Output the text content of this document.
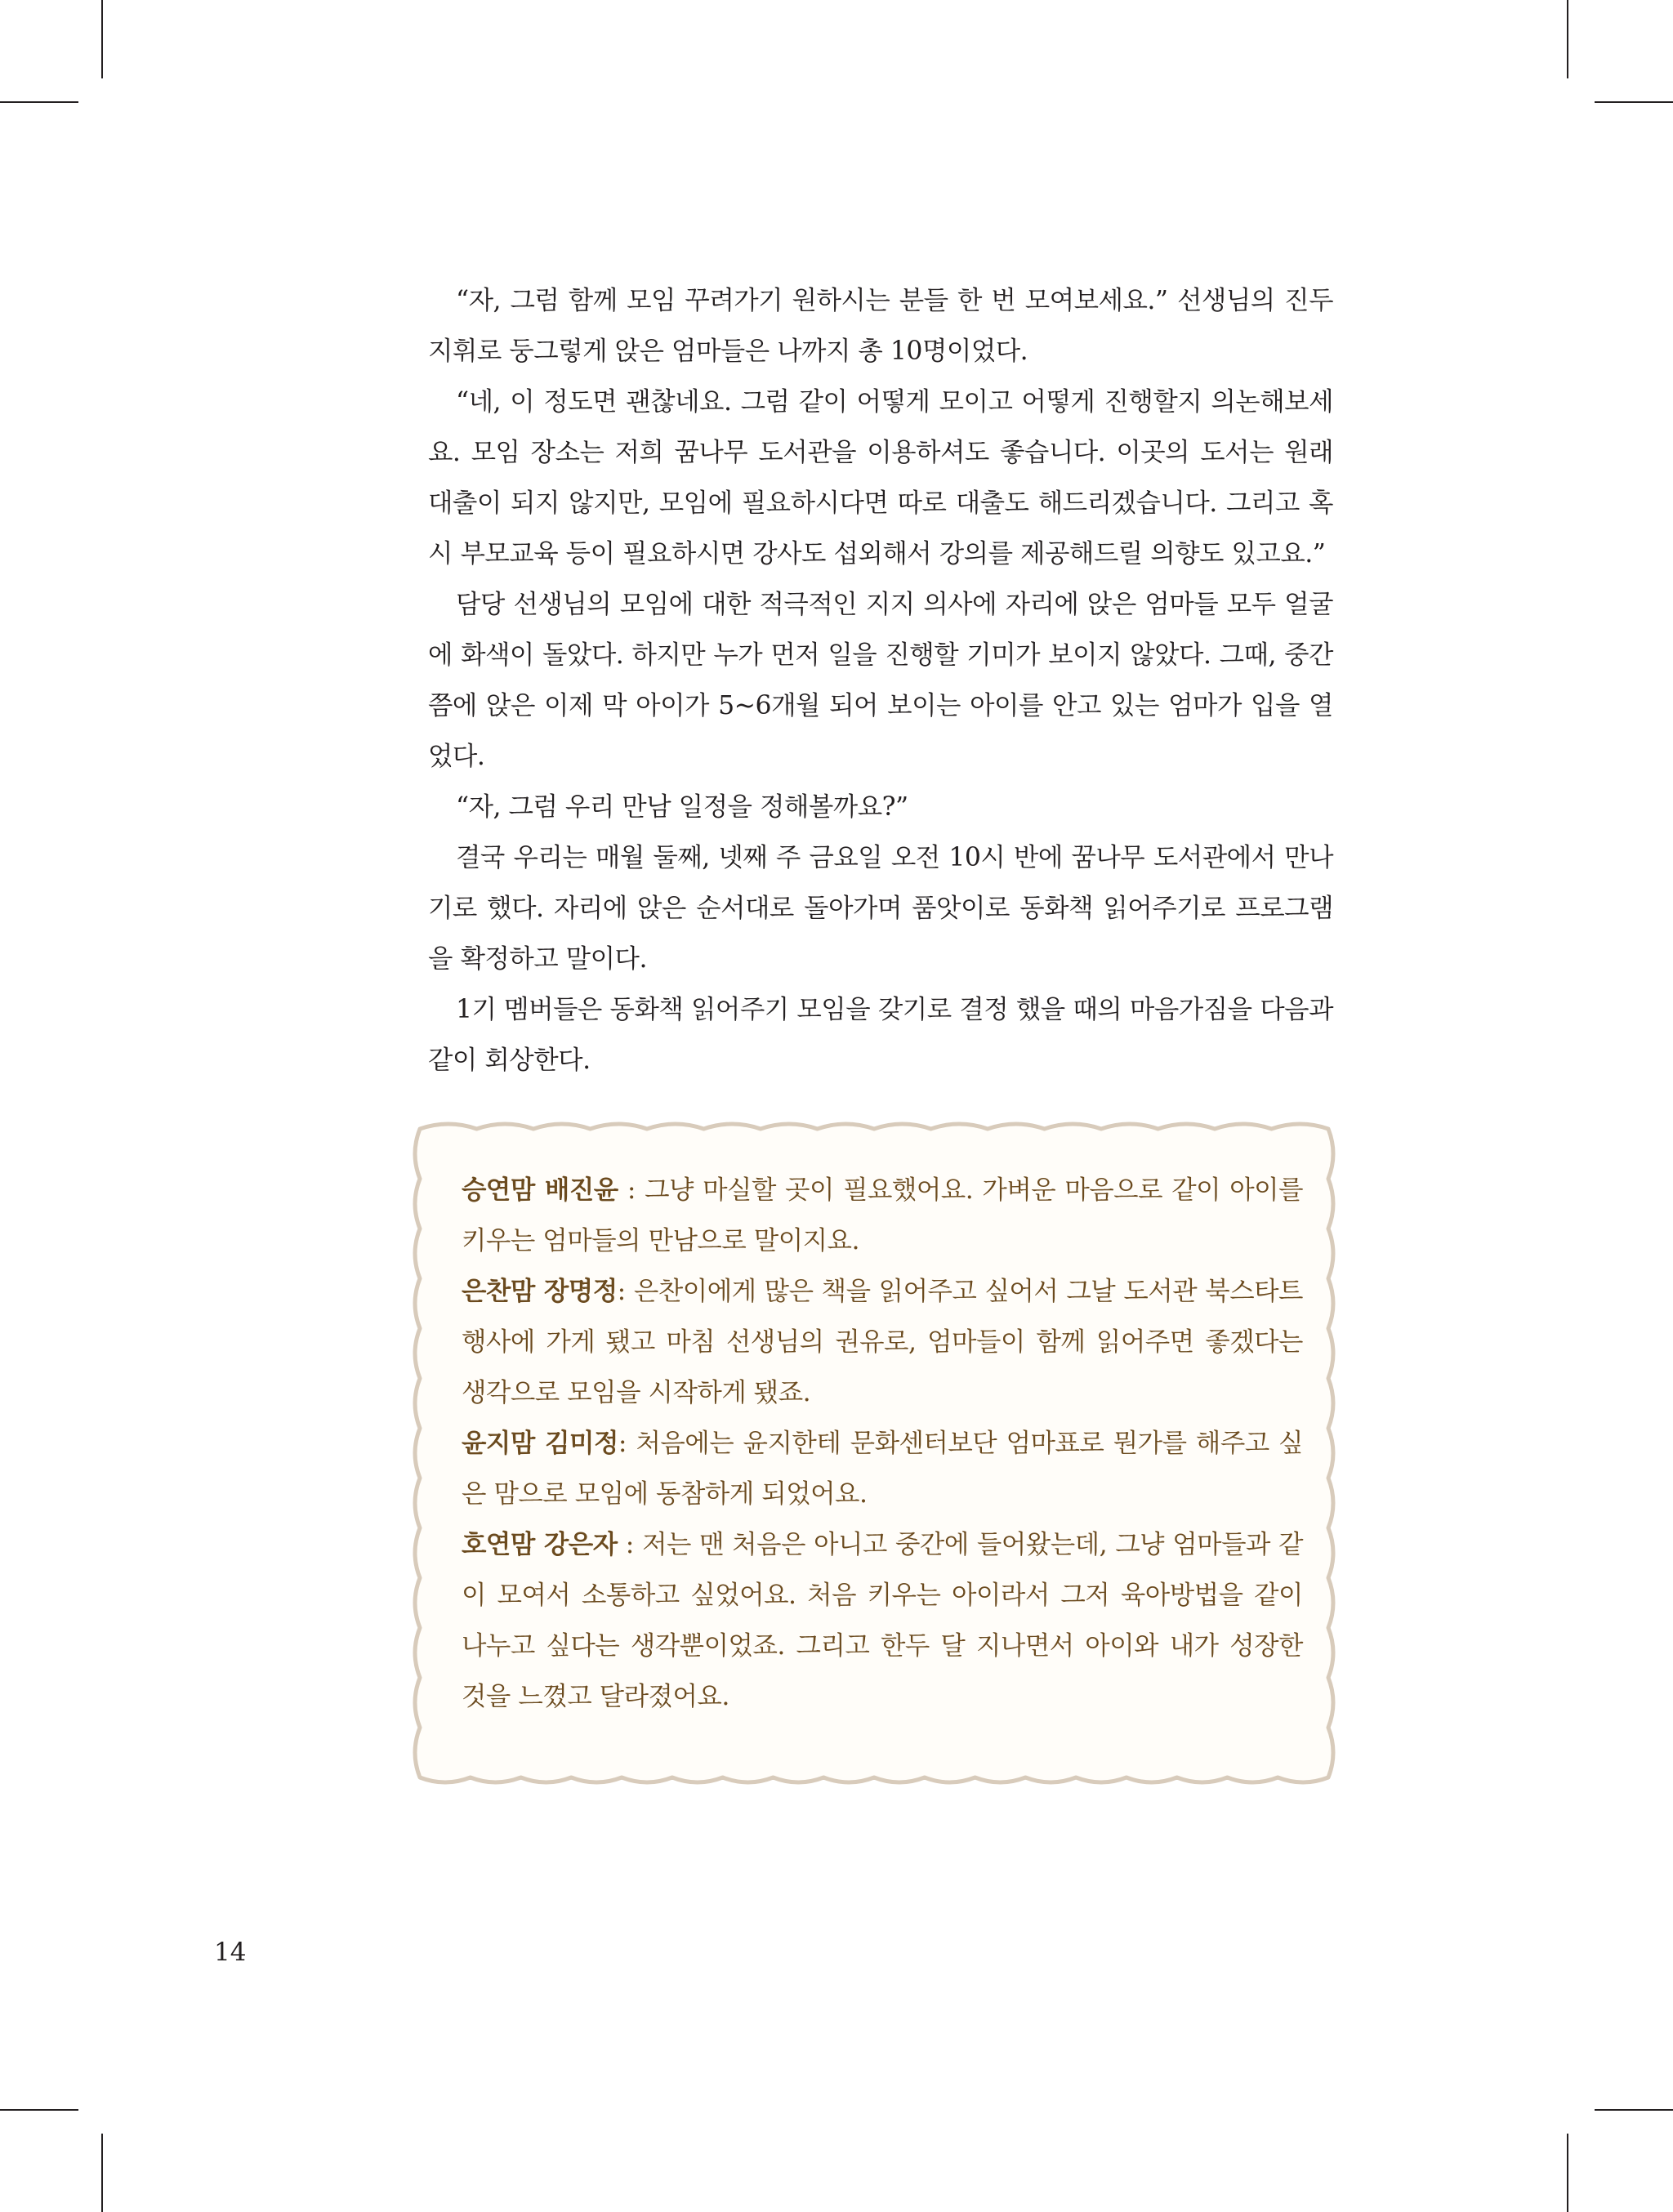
“자, 그럼 함께 모임 꾸려가기 원하시는 분들 한 번 모여보세요.” 선생님의 진두지휘로 둥그렇게 앉은 엄마들은 나까지 총 10명이었다.

“네, 이 정도면 괜찮네요. 그럼 같이 어떻게 모이고 어떻게 진행할지 의논해보세요. 모임 장소는 저희 꿈나무 도서관을 이용하셔도 좋습니다. 이곳의 도서는 원래 대출이 되지 않지만, 모임에 필요하시다면 따로 대출도 해드리겠습니다. 그리고 혹시 부모교육 등이 필요하시면 강사도 섭외해서 강의를 제공해드릴 의향도 있고요.”

담당 선생님의 모임에 대한 적극적인 지지 의사에 자리에 앉은 엄마들 모두 얼굴에 화색이 돌았다. 하지만 누가 먼저 일을 진행할 기미가 보이지 않았다. 그때, 중간쯤에 앉은 이제 막 아이가 5~6개월 되어 보이는 아이를 안고 있는 엄마가 입을 열었다.

“자, 그럼 우리 만남 일정을 정해볼까요?”

결국 우리는 매월 둘째, 넷째 주 금요일 오전 10시 반에 꿈나무 도서관에서 만나기로 했다. 자리에 앉은 순서대로 돌아가며 품앗이로 동화책 읽어주기로 프로그램을 확정하고 말이다.

1기 멤버들은 동화책 읽어주기 모임을 갖기로 결정 했을 때의 마음가짐을 다음과 같이 회상한다.

승연맘 배진윤 : 그냥 마실할 곳이 필요했어요. 가벼운 마음으로 같이 아이를 키우는 엄마들의 만남으로 말이지요.

은찬맘 장명정: 은찬이에게 많은 책을 읽어주고 싶어서 그날 도서관 북스타트 행사에 가게 됐고 마침 선생님의 권유로, 엄마들이 함께 읽어주면 좋겠다는 생각으로 모임을 시작하게 됐죠.

윤지맘 김미정: 처음에는 윤지한테 문화센터보단 엄마표로 뭔가를 해주고 싶은 맘으로 모임에 동참하게 되었어요.

호연맘 강은자 : 저는 맨 처음은 아니고 중간에 들어왔는데, 그냥 엄마들과 같이 모여서 소통하고 싶었어요. 처음 키우는 아이라서 그저 육아방법을 같이 나누고 싶다는 생각뿐이었죠. 그리고 한두 달 지나면서 아이와 내가 성장한 것을 느꼈고 달라졌어요.

14
